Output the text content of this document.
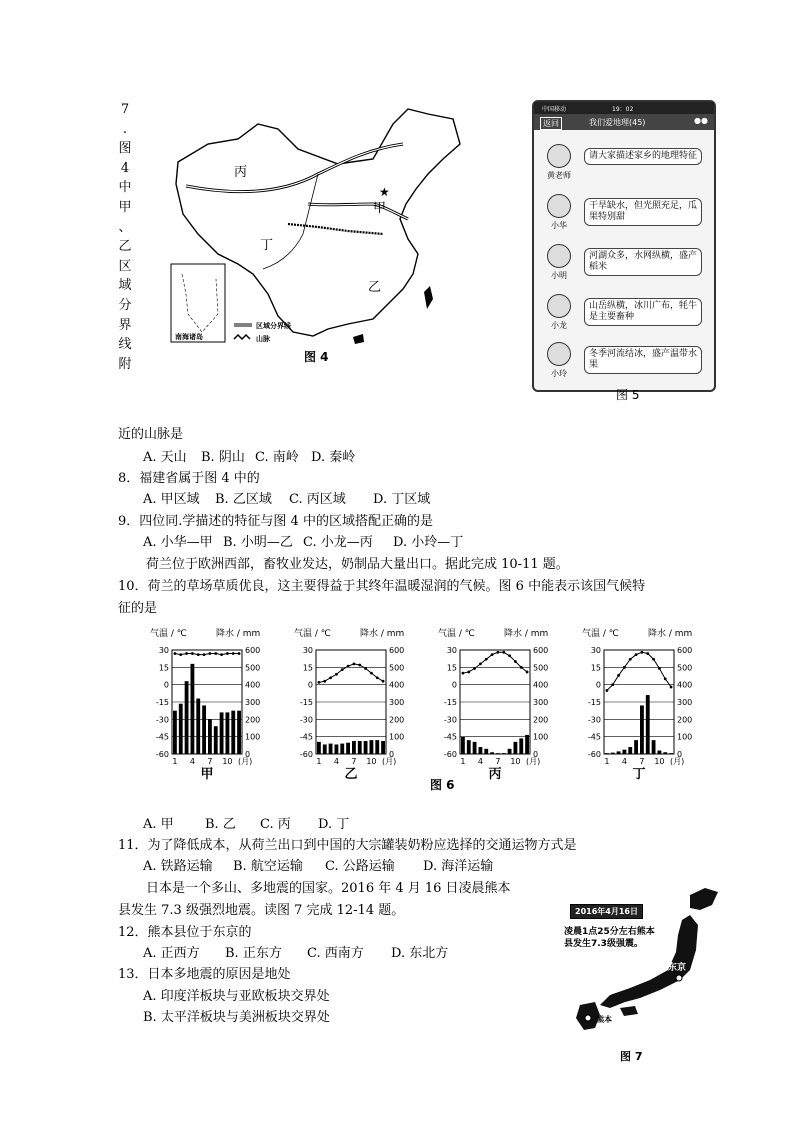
7
.
图
4
中
甲
、
乙
区
域
分
界
线
附
丙
甲
丁
乙
★
南海诸岛
区域分界线
山脉
图 4
中国移动	19：02
返回	我们爱地理(45)	●●
黄老师
请大家描述家乡的地理特征
小华
干旱缺水，但光照充足，瓜果特别甜
小明
河湖众多，水网纵横，盛产稻米
小龙
山岳纵横，冰川广布，牦牛是主要畜种
小玲
冬季河流结冰，盛产温带水果
图 5
近的山脉是
A. 天山 B. 阴山 C. 南岭 D. 秦岭
8．福建省属于图 4 中的
A. 甲区域 B. 乙区域 C. 丙区域 D. 丁区域
9．四位同.学描述的特征与图 4 中的区域搭配正确的是
A. 小华—甲 B. 小明—乙 C. 小龙—丙 D. 小玲—丁
荷兰位于欧洲西部，畜牧业发达，奶制品大量出口。据此完成 10-11 题。
10．荷兰的草场草质优良，这主要得益于其终年温暖湿润的气候。图 6 中能表示该国气候特
征的是
气温 / ℃	降水 / mm
30
15
0
-15
-30
-45
-60
600
500
400
300
200
100
0
1 4 7 10 (月)
甲
气温 / ℃	降水 / mm
30
15
0
-15
-30
-45
-60
600
500
400
300
200
100
0
1 4 7 10 (月)
乙
气温 / ℃	降水 / mm
30
15
0
-15
-30
-45
-60
600
500
400
300
200
100
0
1 4 7 10 (月)
丙
气温 / ℃	降水 / mm
30
15
0
-15
-30
-45
-60
600
500
400
300
200
100
0
1 4 7 10 (月)
丁
图 6
A. 甲 B. 乙 C. 丙 D. 丁
11．为了降低成本，从荷兰出口到中国的大宗罐装奶粉应选择的交通运物方式是
A. 铁路运输 B. 航空运输 C. 公路运输 D. 海洋运输
日本是一个多山、多地震的国家。2016 年 4 月 16 日凌晨熊本
县发生 7.3 级强烈地震。读图 7 完成 12-14 题。
12．熊本县位于东京的
A. 正西方 B. 正东方 C. 西南方 D. 东北方
13．日本多地震的原因是地处
A. 印度洋板块与亚欧板块交界处
B. 太平洋板块与美洲板块交界处
东京
熊本
2016年4月16日
凌晨1点25分左右熊本
县发生7.3级强震。
图 7
